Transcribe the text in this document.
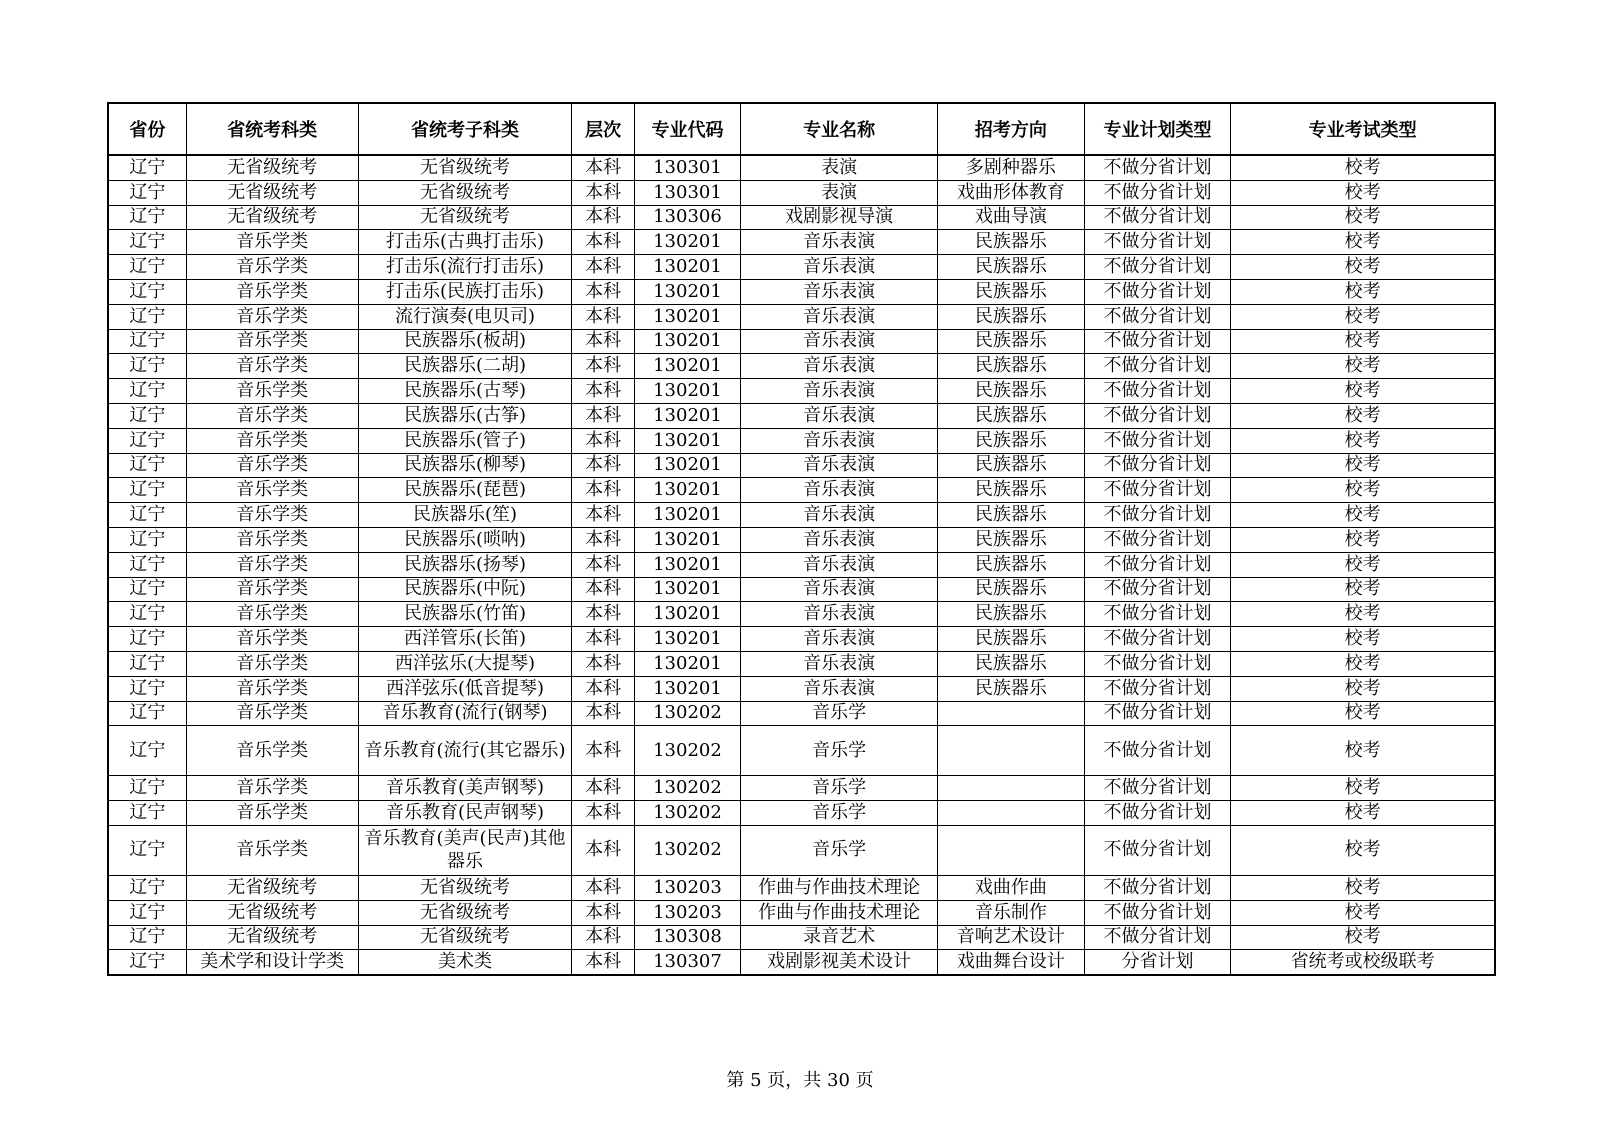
省份	省统考科类	省统考子科类	层次	专业代码	专业名称	招考方向	专业计划类型	专业考试类型
辽宁	无省级统考	无省级统考	本科	130301	表演	多剧种器乐	不做分省计划	校考
辽宁	无省级统考	无省级统考	本科	130301	表演	戏曲形体教育	不做分省计划	校考
辽宁	无省级统考	无省级统考	本科	130306	戏剧影视导演	戏曲导演	不做分省计划	校考
辽宁	音乐学类	打击乐(古典打击乐)	本科	130201	音乐表演	民族器乐	不做分省计划	校考
辽宁	音乐学类	打击乐(流行打击乐)	本科	130201	音乐表演	民族器乐	不做分省计划	校考
辽宁	音乐学类	打击乐(民族打击乐)	本科	130201	音乐表演	民族器乐	不做分省计划	校考
辽宁	音乐学类	流行演奏(电贝司)	本科	130201	音乐表演	民族器乐	不做分省计划	校考
辽宁	音乐学类	民族器乐(板胡)	本科	130201	音乐表演	民族器乐	不做分省计划	校考
辽宁	音乐学类	民族器乐(二胡)	本科	130201	音乐表演	民族器乐	不做分省计划	校考
辽宁	音乐学类	民族器乐(古琴)	本科	130201	音乐表演	民族器乐	不做分省计划	校考
辽宁	音乐学类	民族器乐(古筝)	本科	130201	音乐表演	民族器乐	不做分省计划	校考
辽宁	音乐学类	民族器乐(管子)	本科	130201	音乐表演	民族器乐	不做分省计划	校考
辽宁	音乐学类	民族器乐(柳琴)	本科	130201	音乐表演	民族器乐	不做分省计划	校考
辽宁	音乐学类	民族器乐(琵琶)	本科	130201	音乐表演	民族器乐	不做分省计划	校考
辽宁	音乐学类	民族器乐(笙)	本科	130201	音乐表演	民族器乐	不做分省计划	校考
辽宁	音乐学类	民族器乐(唢呐)	本科	130201	音乐表演	民族器乐	不做分省计划	校考
辽宁	音乐学类	民族器乐(扬琴)	本科	130201	音乐表演	民族器乐	不做分省计划	校考
辽宁	音乐学类	民族器乐(中阮)	本科	130201	音乐表演	民族器乐	不做分省计划	校考
辽宁	音乐学类	民族器乐(竹笛)	本科	130201	音乐表演	民族器乐	不做分省计划	校考
辽宁	音乐学类	西洋管乐(长笛)	本科	130201	音乐表演	民族器乐	不做分省计划	校考
辽宁	音乐学类	西洋弦乐(大提琴)	本科	130201	音乐表演	民族器乐	不做分省计划	校考
辽宁	音乐学类	西洋弦乐(低音提琴)	本科	130201	音乐表演	民族器乐	不做分省计划	校考
辽宁	音乐学类	音乐教育(流行(钢琴)	本科	130202	音乐学		不做分省计划	校考
辽宁	音乐学类	音乐教育(流行(其它器乐)	本科	130202	音乐学		不做分省计划	校考
辽宁	音乐学类	音乐教育(美声钢琴)	本科	130202	音乐学		不做分省计划	校考
辽宁	音乐学类	音乐教育(民声钢琴)	本科	130202	音乐学		不做分省计划	校考
辽宁	音乐学类	音乐教育(美声(民声)其他器乐	本科	130202	音乐学		不做分省计划	校考
辽宁	无省级统考	无省级统考	本科	130203	作曲与作曲技术理论	戏曲作曲	不做分省计划	校考
辽宁	无省级统考	无省级统考	本科	130203	作曲与作曲技术理论	音乐制作	不做分省计划	校考
辽宁	无省级统考	无省级统考	本科	130308	录音艺术	音响艺术设计	不做分省计划	校考
辽宁	美术学和设计学类	美术类	本科	130307	戏剧影视美术设计	戏曲舞台设计	分省计划	省统考或校级联考
第 5 页，共 30 页
